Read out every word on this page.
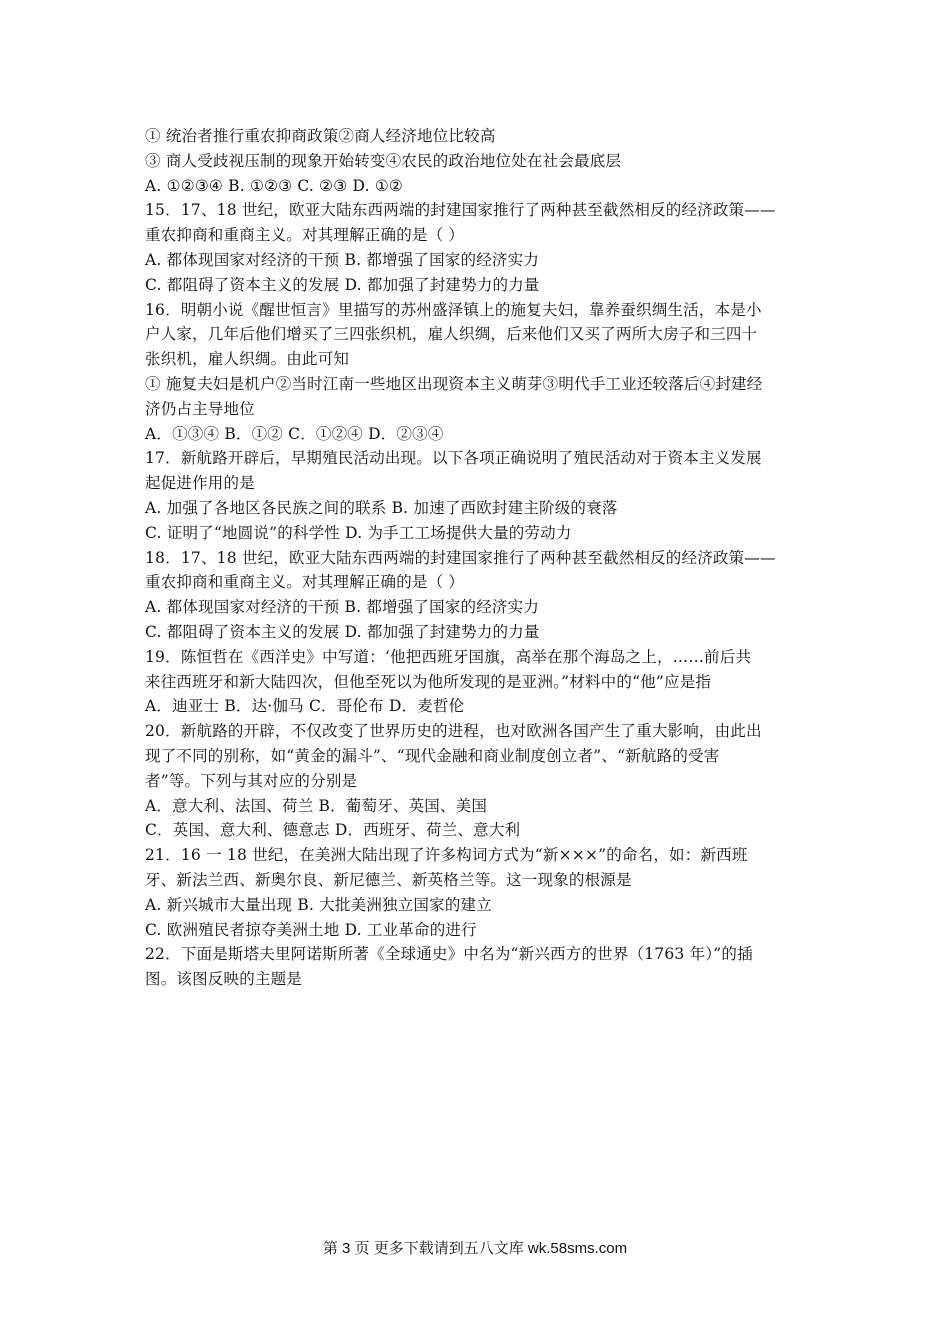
① 统治者推行重农抑商政策②商人经济地位比较高
③ 商人受歧视压制的现象开始转变④农民的政治地位处在社会最底层
A. ①②③④ B. ①②③ C. ②③ D. ①②
15．17、18 世纪，欧亚大陆东西两端的封建国家推行了两种甚至截然相反的经济政策——
重农抑商和重商主义。对其理解正确的是（ ）
A. 都体现国家对经济的干预 B. 都增强了国家的经济实力
C. 都阻碍了资本主义的发展 D. 都加强了封建势力的力量
16．明朝小说《醒世恒言》里描写的苏州盛泽镇上的施复夫妇，靠养蚕织绸生活，本是小
户人家，几年后他们增买了三四张织机，雇人织绸，后来他们又买了两所大房子和三四十
张织机，雇人织绸。由此可知
① 施复夫妇是机户②当时江南一些地区出现资本主义萌芽③明代手工业还较落后④封建经
济仍占主导地位
A．①③④ B．①② C．①②④ D．②③④
17．新航路开辟后，早期殖民活动出现。以下各项正确说明了殖民活动对于资本主义发展
起促进作用的是
A. 加强了各地区各民族之间的联系 B. 加速了西欧封建主阶级的衰落
C. 证明了“地圆说”的科学性 D. 为手工工场提供大量的劳动力
18．17、18 世纪，欧亚大陆东西两端的封建国家推行了两种甚至截然相反的经济政策——
重农抑商和重商主义。对其理解正确的是（ ）
A. 都体现国家对经济的干预 B. 都增强了国家的经济实力
C. 都阻碍了资本主义的发展 D. 都加强了封建势力的力量
19．陈恒哲在《西洋史》中写道：‘他把西班牙国旗，高举在那个海岛之上，……前后共
来往西班牙和新大陆四次，但他至死以为他所发现的是亚洲。”材料中的“他”应是指
A．迪亚士 B．达·伽马 C．哥伦布 D．麦哲伦
20．新航路的开辟，不仅改变了世界历史的进程，也对欧洲各国产生了重大影响，由此出
现了不同的别称，如“黄金的漏斗”、“现代金融和商业制度创立者”、“新航路的受害
者”等。下列与其对应的分别是
A．意大利、法国、荷兰 B．葡萄牙、英国、美国
C．英国、意大利、德意志 D．西班牙、荷兰、意大利
21．16 一 18 世纪，在美洲大陆出现了许多构词方式为“新×××”的命名，如：新西班
牙、新法兰西、新奥尔良、新尼德兰、新英格兰等。这一现象的根源是
A. 新兴城市大量出现 B. 大批美洲独立国家的建立
C. 欧洲殖民者掠夺美洲土地 D. 工业革命的进行
22．下面是斯塔夫里阿诺斯所著《全球通史》中名为“新兴西方的世界（1763 年）”的插
图。该图反映的主题是
第 3 页 更多下载请到五八文库 wk.58sms.com
